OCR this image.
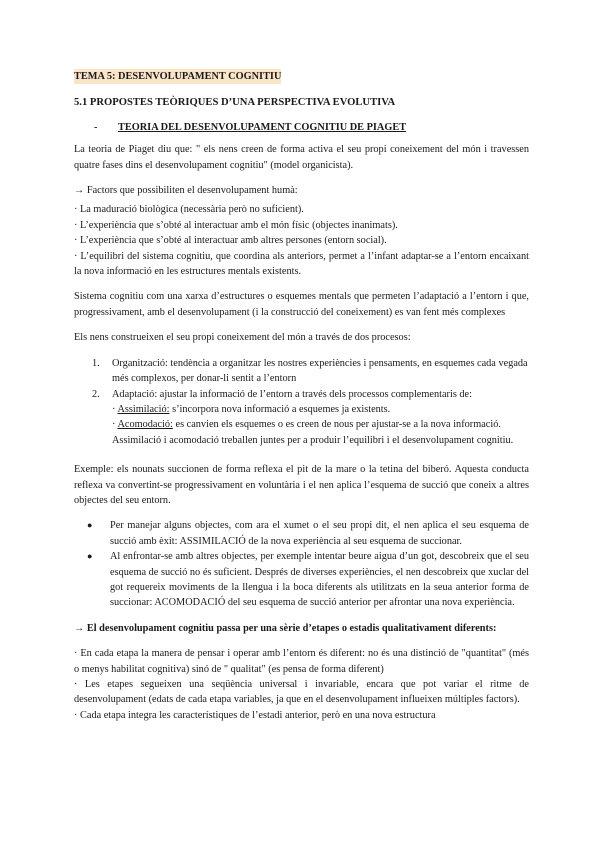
TEMA 5: DESENVOLUPAMENT COGNITIU
5.1 PROPOSTES TEÒRIQUES D’UNA PERSPECTIVA EVOLUTIVA
- TEORIA DEL DESENVOLUPAMENT COGNITIU DE PIAGET

La teoria de Piaget diu que: " els nens creen de forma activa el seu propi coneixement del món i travessen quatre fases dins el desenvolupament cognitiu" (model organicista).

→ Factors que possibiliten el desenvolupament humà:

· La maduració biològica (necessària però no suficient).

· L’experiència que s’obté al interactuar amb el món físic (objectes inanimats).

· L’experiència que s’obté al interactuar amb altres persones (entorn social).

· L’equilibri del sistema cognitiu, que coordina als anteriors, permet a l’infant adaptar-se a l’entorn encaixant la nova informació en les estructures mentals existents.

Sistema cognitiu com una xarxa d’estructures o esquemes mentals que permeten l’adaptació a l’entorn i que, progressivament, amb el desenvolupament (i la construcció del coneixement) es van fent més complexes

Els nens construeixen el seu propi coneixement del món a través de dos procesos:

1. Organització: tendència a organitzar les nostres experiències i pensaments, en esquemes cada vegada més complexos, per donar-li sentit a l’entorn
2. Adaptació: ajustar la informació de l’entorn a través dels processos complementaris de:
· Assimilació: s’incorpora nova informació a esquemes ja existents.

· Acomodació: es canvien els esquemes o es creen de nous per ajustar-se a la nova informació.

Assimilació i acomodació treballen juntes per a produir l’equilibri i el desenvolupament cognitiu.

Exemple: els nounats succionen de forma reflexa el pit de la mare o la tetina del biberó. Aquesta conducta reflexa va convertint-se progressivament en voluntària i el nen aplica l’esquema de succió que coneix a altres objectes del seu entorn.

● Per manejar alguns objectes, com ara el xumet o el seu propi dit, el nen aplica el seu esquema de succió amb èxit: ASSIMILACIÓ de la nova experiència al seu esquema de succionar.
● Al enfrontar-se amb altres objectes, per exemple intentar beure aigua d’un got, descobreix que el seu esquema de succió no és suficient. Després de diverses experiències, el nen descobreix que xuclar del got requereix moviments de la llengua i la boca diferents als utilitzats en la seua anterior forma de succionar: ACOMODACIÓ del seu esquema de succió anterior per afrontar una nova experiència.

→ El desenvolupament cognitiu passa per una sèrie d’etapes o estadis qualitativament diferents:

· En cada etapa la manera de pensar i operar amb l’entorn és diferent: no és una distinció de "quantitat" (més o menys habilitat cognitiva) sinó de " qualitat" (es pensa de forma diferent)

· Les etapes segueixen una seqüència universal i invariable, encara que pot variar el ritme de desenvolupament (edats de cada etapa variables, ja que en el desenvolupament influeixen múltiples factors).

· Cada etapa integra les característiques de l’estadi anterior, però en una nova estructura
